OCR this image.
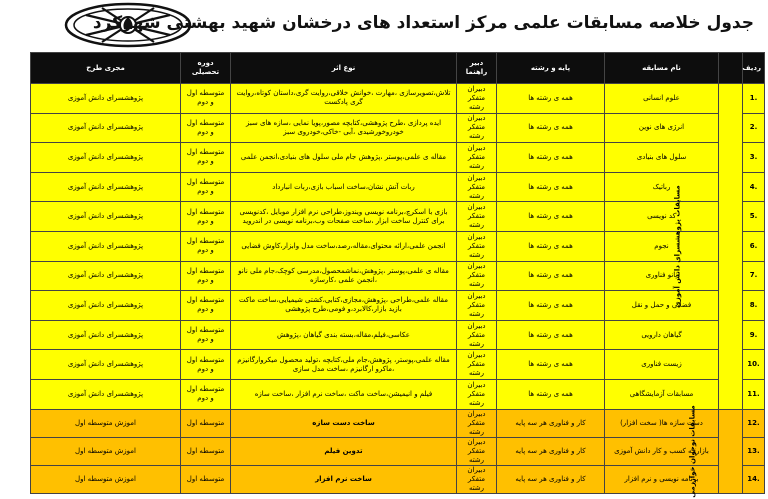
جدول خلاصه مسابقات علمی مرکز استعداد های درخشان شهید بهشتی شهرکرد
ردیف		نام مسابقه	پایه و رشته	دبیر راهنما	نوع اثر	دوره تحصیلی	مجری طرح
.1	مسابقات پژوهشسرای دانش آموزی	علوم انسانی	همه ی رشته ها	دبیران متفکر رشته	تلاش،تصویرسازی ،مهارت ،خوانش خلاقی،روایت گری،داستان کوتاه،روایت گری پادکست	متوسطه اول و دوم	پژوهشسرای دانش آموزی
.2		انرژی های نوین	همه ی رشته ها	دبیران متفکر رشته	ایده پردازی ،طرح پژوهشی،کتابچه مصور،پویا نمایی ،سازه های سبز خودروخورشیدی ،آبی -خاکی،خودروی سبز	متوسطه اول و دوم	پژوهشسرای دانش آموزی
.3		سلول های بنیادی	همه ی رشته ها	دبیران متفکر رشته	مقاله ی علمی،پوستر ،پژوهش جام ملی سلول های بنیادی،انجمن علمی	متوسطه اول و دوم	پژوهشسرای دانش آموزی
.4		رباتیک	همه ی رشته ها	دبیران متفکر رشته	ربات آتش نشان،ساخت اسباب بازی،ربات انبارداد	متوسطه اول و دوم	پژوهشسرای دانش آموزی
.5		کد نویسی	همه ی رشته ها	دبیران متفکر رشته	بازی با اسکرچ،برنامه نویسی ویندوز،طراحی نرم افزار موبایل ،کدنویسی برای کنترل ساخت ابزار ،ساخت صفحات وب،برنامه نویسی در اندروید	متوسطه اول و دوم	پژوهشسرای دانش آموزی
.6		نجوم	همه ی رشته ها	دبیران متفکر رشته	انجمن علمی،ارائه محتوای،مقاله،رصد،ساخت مدل وابزار،کاوش فضایی	متوسطه اول و دوم	پژوهشسرای دانش آموزی
.7		نانو فناوری	همه ی رشته ها	دبیران متفکر رشته	مقاله ی علمی،پوستر ،پژوهش،نماشمحصول،مدرسی کوچک،جام ملی نانو ،انجمن علمی ،کارسازه	متوسطه اول و دوم	پژوهشسرای دانش آموزی
.8		فضایی و حمل و نقل	همه ی رشته ها	دبیران متفکر رشته	مقاله علمی،طراحی ،پژوهش،مجازی،کتابی،کشتی شیمیایی،ساخت ماکت بازید بازار،کالابرد،و فومی،طرح پژوهشی	متوسطه اول و دوم	پژوهشسرای دانش آموزی
.9		گیاهان دارویی	همه ی رشته ها	دبیران متفکر رشته	عکاسی،فیلم،مقاله،بسته بندی گیاهان ،پژوهش	متوسطه اول و دوم	پژوهشسرای دانش آموزی
.10		زیست فناوری	همه ی رشته ها	دبیران متفکر رشته	مقاله علمی،پوستر، پژوهش،جام ملی،کتابچه ،تولید محصول میکروارگانیزم ،ماکرو ارگانیزم ،ساخت مدل سازی	متوسطه اول و دوم	پژوهشسرای دانش آموزی
.11		مسابقات آزمایشگاهی	همه ی رشته ها	دبیران متفکر رشته	فیلم و انیمیشن،ساخت ماکت ،ساخت نرم افزار ،ساخت سازه	متوسطه اول و دوم	پژوهشسرای دانش آموزی
.12	مسابقات نوجوان خوارزمی	دست سازه ها( سخت افزار)	کار و فناوری هر سه پایه	دبیران متفکر رشته	ساخت دست سازه	متوسطه اول	اموزش متوسطه اول
.13		بازارچه کسب و کار دانش آموزی	کار و فناوری هر سه پایه	دبیران متفکر رشته	تدوین فیلم	متوسطه اول	اموزش متوسطه اول
.14		برنامه نویسی و نرم افزار	کار و فناوری هر سه پایه	دبیران متفکر رشته	ساخت نرم افزار	متوسطه اول	اموزش متوسطه اول
